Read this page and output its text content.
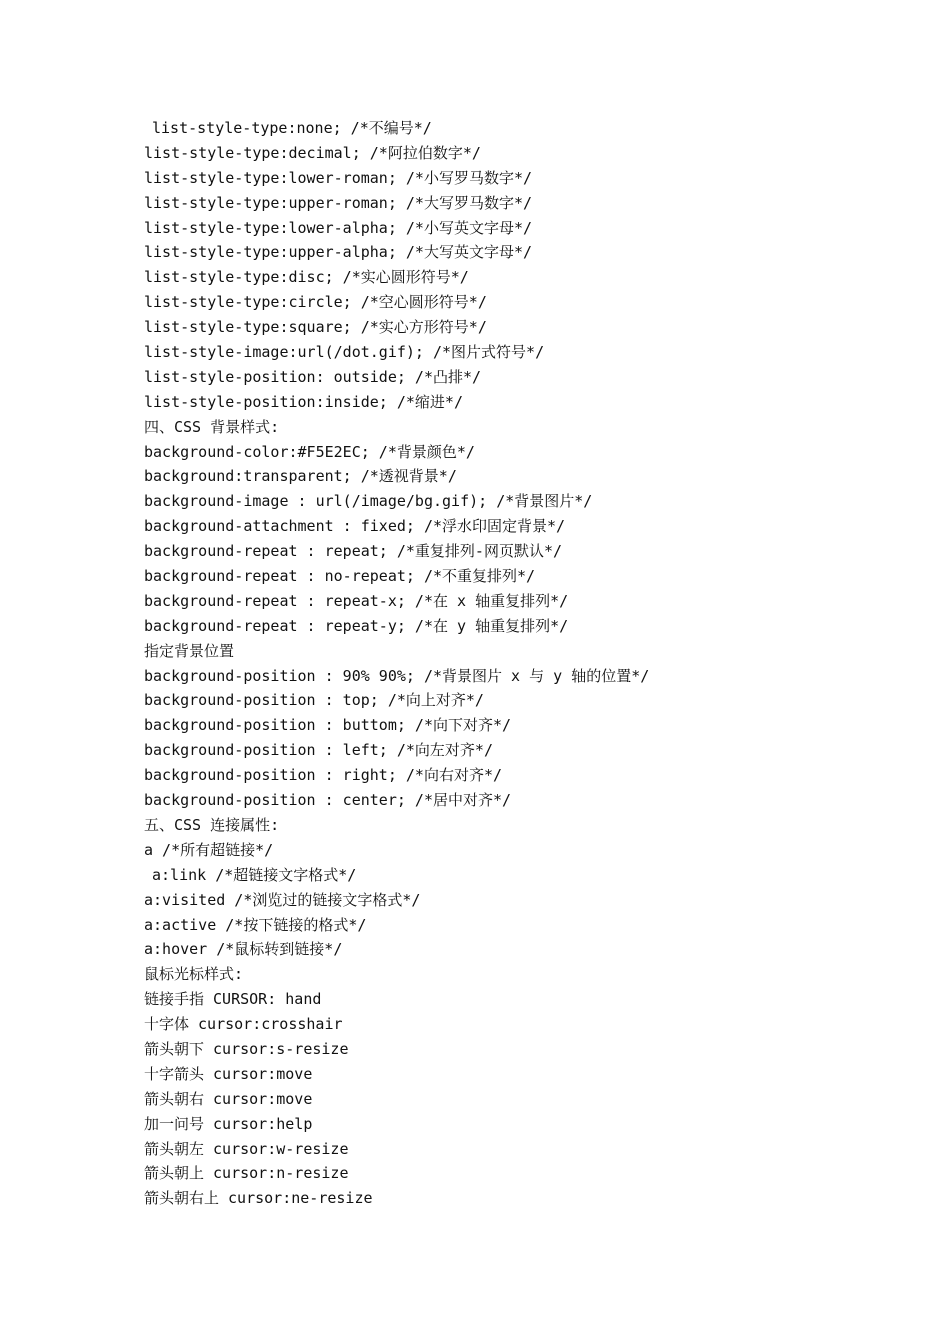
list-style-type:none; /*不编号*/
list-style-type:decimal; /*阿拉伯数字*/
list-style-type:lower-roman; /*小写罗马数字*/
list-style-type:upper-roman; /*大写罗马数字*/
list-style-type:lower-alpha; /*小写英文字母*/
list-style-type:upper-alpha; /*大写英文字母*/
list-style-type:disc; /*实心圆形符号*/
list-style-type:circle; /*空心圆形符号*/
list-style-type:square; /*实心方形符号*/
list-style-image:url(/dot.gif); /*图片式符号*/
list-style-position: outside; /*凸排*/
list-style-position:inside; /*缩进*/
四、CSS 背景样式:
background-color:#F5E2EC; /*背景颜色*/
background:transparent; /*透视背景*/
background-image : url(/image/bg.gif); /*背景图片*/
background-attachment : fixed; /*浮水印固定背景*/
background-repeat : repeat; /*重复排列-网页默认*/
background-repeat : no-repeat; /*不重复排列*/
background-repeat : repeat-x; /*在 x 轴重复排列*/
background-repeat : repeat-y; /*在 y 轴重复排列*/
指定背景位置
background-position : 90% 90%; /*背景图片 x 与 y 轴的位置*/
background-position : top; /*向上对齐*/
background-position : buttom; /*向下对齐*/
background-position : left; /*向左对齐*/
background-position : right; /*向右对齐*/
background-position : center; /*居中对齐*/
五、CSS 连接属性:
a /*所有超链接*/
a:link /*超链接文字格式*/
a:visited /*浏览过的链接文字格式*/
a:active /*按下链接的格式*/
a:hover /*鼠标转到链接*/
鼠标光标样式:
链接手指 CURSOR: hand
十字体 cursor:crosshair
箭头朝下 cursor:s-resize
十字箭头 cursor:move
箭头朝右 cursor:move
加一问号 cursor:help
箭头朝左 cursor:w-resize
箭头朝上 cursor:n-resize
箭头朝右上 cursor:ne-resize
